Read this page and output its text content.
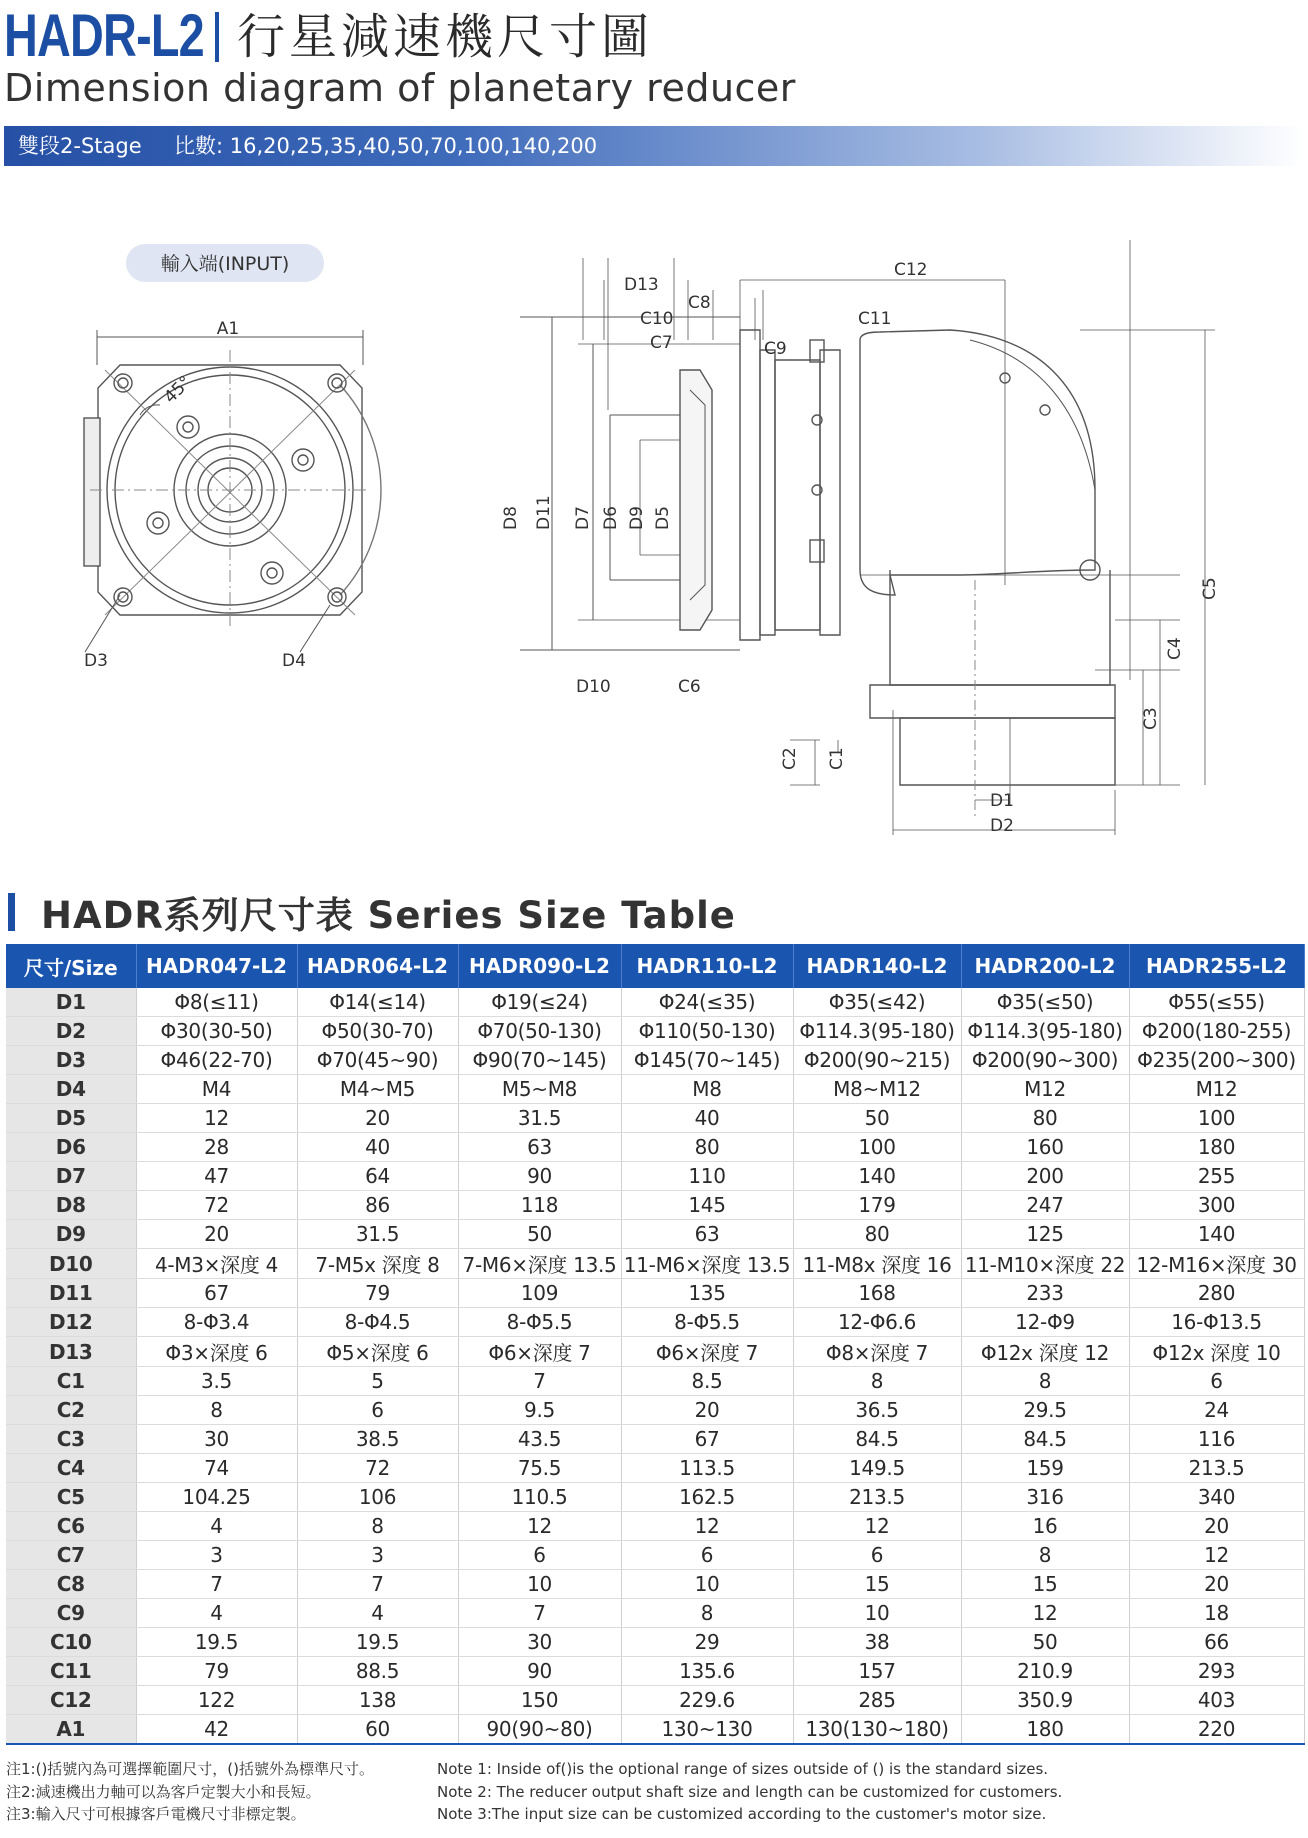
HADR-L2 行星減速機尺寸圖
Dimension diagram of planetary reducer
雙段2-Stage 比數: 16,20,25,35,40,50,70,100,140,200
輸入端(INPUT)
A1
45°
D3	D4
D13
C8
C10
C7	C9
C11
C12
D8 D11 D7 D6 D9 D5
D10	C6
C5
C4
C3
C2 C1
D1
D2
HADR系列尺寸表 Series Size Table
尺寸/Size	HADR047-L2	HADR064-L2	HADR090-L2	HADR110-L2	HADR140-L2	HADR200-L2	HADR255-L2
D1	Φ8(≤11)	Φ14(≤14)	Φ19(≤24)	Φ24(≤35)	Φ35(≤42)	Φ35(≤50)	Φ55(≤55)
D2	Φ30(30-50)	Φ50(30-70)	Φ70(50-130)	Φ110(50-130)	Φ114.3(95-180)	Φ114.3(95-180)	Φ200(180-255)
D3	Φ46(22-70)	Φ70(45~90)	Φ90(70~145)	Φ145(70~145)	Φ200(90~215)	Φ200(90~300)	Φ235(200~300)
D4	M4	M4~M5	M5~M8	M8	M8~M12	M12	M12
D5	12	20	31.5	40	50	80	100
D6	28	40	63	80	100	160	180
D7	47	64	90	110	140	200	255
D8	72	86	118	145	179	247	300
D9	20	31.5	50	63	80	125	140
D10	4-M3×深度 4	7-M5x 深度 8	7-M6×深度 13.5	11-M6×深度 13.5	11-M8x 深度 16	11-M10×深度 22	12-M16×深度 30
D11	67	79	109	135	168	233	280
D12	8-Φ3.4	8-Φ4.5	8-Φ5.5	8-Φ5.5	12-Φ6.6	12-Φ9	16-Φ13.5
D13	Φ3×深度 6	Φ5×深度 6	Φ6×深度 7	Φ6×深度 7	Φ8×深度 7	Φ12x 深度 12	Φ12x 深度 10
C1	3.5	5	7	8.5	8	8	6
C2	8	6	9.5	20	36.5	29.5	24
C3	30	38.5	43.5	67	84.5	84.5	116
C4	74	72	75.5	113.5	149.5	159	213.5
C5	104.25	106	110.5	162.5	213.5	316	340
C6	4	8	12	12	12	16	20
C7	3	3	6	6	6	8	12
C8	7	7	10	10	15	15	20
C9	4	4	7	8	10	12	18
C10	19.5	19.5	30	29	38	50	66
C11	79	88.5	90	135.6	157	210.9	293
C12	122	138	150	229.6	285	350.9	403
A1	42	60	90(90~80)	130~130	130(130~180)	180	220
注1:()括號內為可選擇範圍尺寸，()括號外為標準尺寸。
注2:減速機出力軸可以為客戶定製大小和長短。
注3:輸入尺寸可根據客戶電機尺寸非標定製。
Note 1: Inside of()is the optional range of sizes outside of () is the standard sizes.
Note 2: The reducer output shaft size and length can be customized for customers.
Note 3:The input size can be customized according to the customer's motor size.
